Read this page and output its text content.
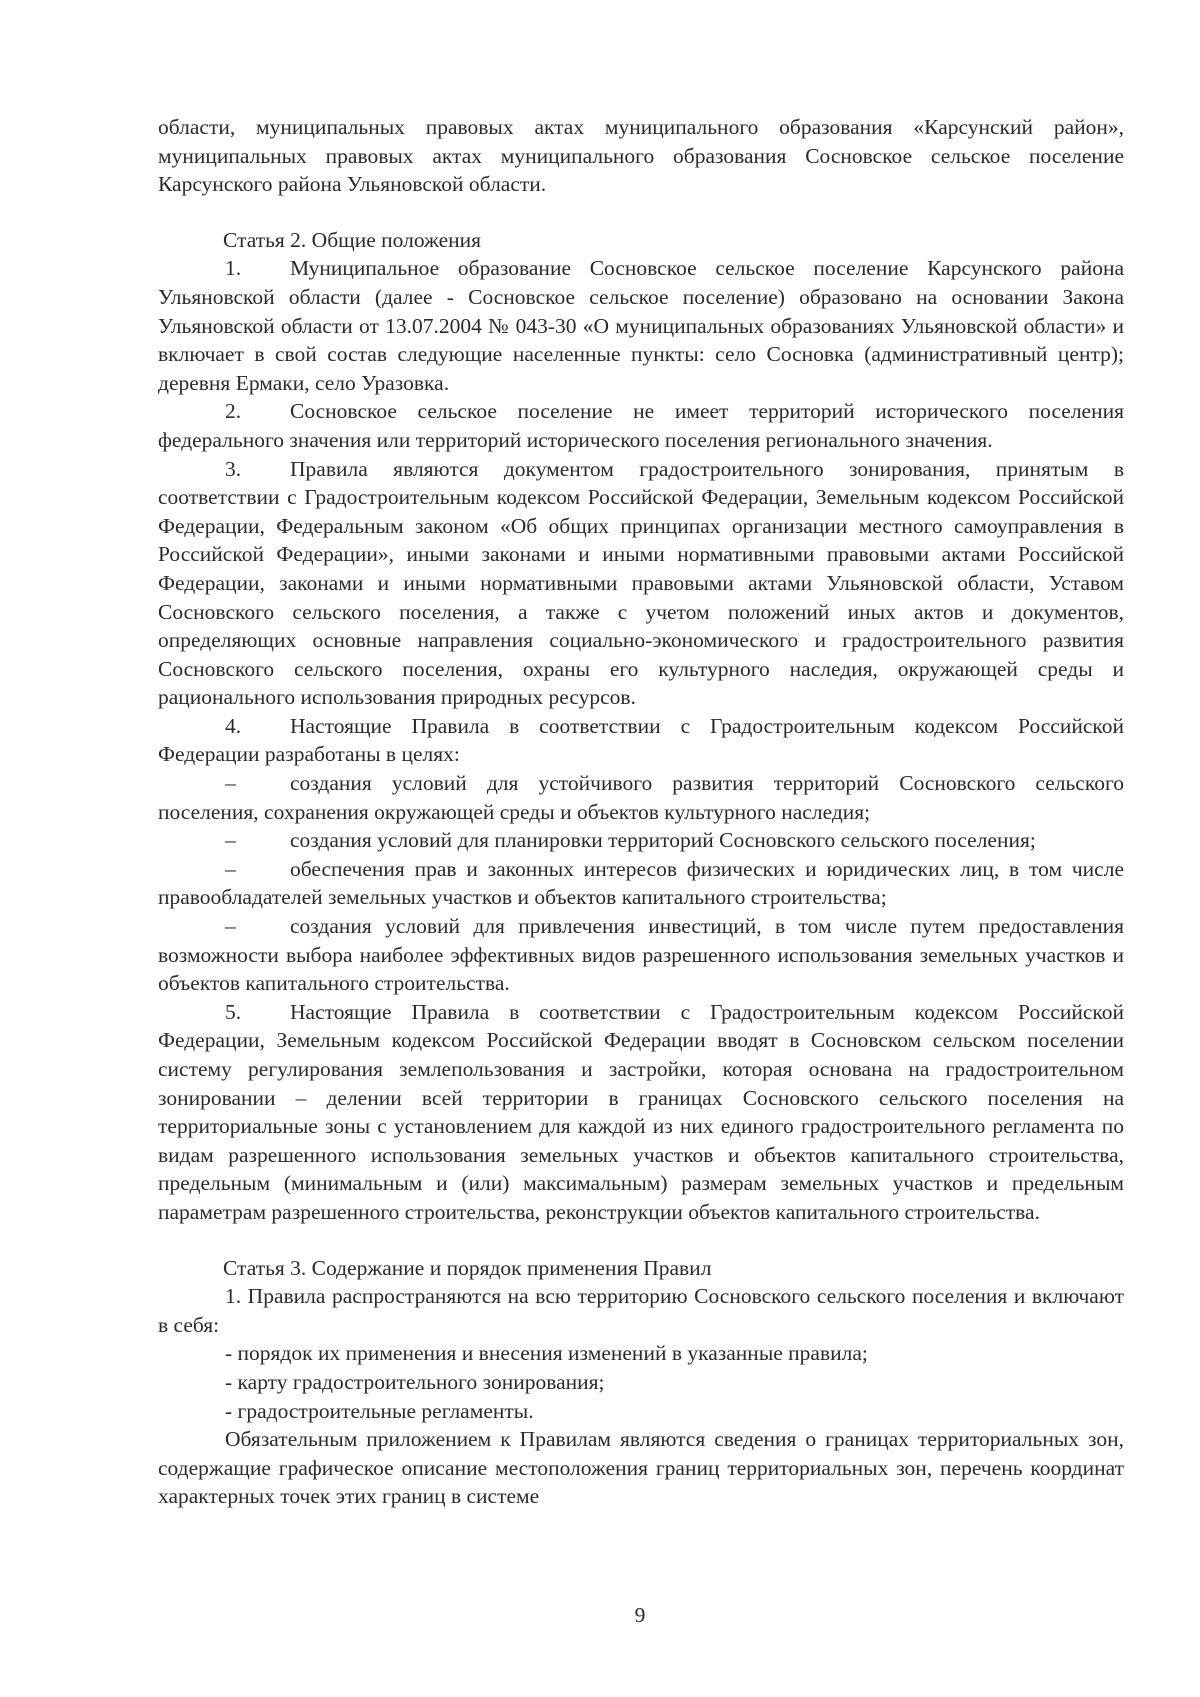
области, муниципальных правовых актах муниципального образования «Карсунский район», муниципальных правовых актах муниципального образования Сосновское сельское поселение Карсунского района Ульяновской области.

Статья 2. Общие положения

1. Муниципальное образование Сосновское сельское поселение Карсунского района Ульяновской области (далее - Сосновское сельское поселение) образовано на основании Закона Ульяновской области от 13.07.2004 № 043-30 «О муниципальных образованиях Ульяновской области» и включает в свой состав следующие населенные пункты: село Сосновка (административный центр); деревня Ермаки, село Уразовка.

2. Сосновское сельское поселение не имеет территорий исторического поселения федерального значения или территорий исторического поселения регионального значения.

3. Правила являются документом градостроительного зонирования, принятым в соответствии с Градостроительным кодексом Российской Федерации, Земельным кодексом Российской Федерации, Федеральным законом «Об общих принципах организации местного самоуправления в Российской Федерации», иными законами и иными нормативными правовыми актами Российской Федерации, законами и иными нормативными правовыми актами Ульяновской области, Уставом Сосновского сельского поселения, а также с учетом положений иных актов и документов, определяющих основные направления социально-экономического и градостроительного развития Сосновского сельского поселения, охраны его культурного наследия, окружающей среды и рационального использования природных ресурсов.

4. Настоящие Правила в соответствии с Градостроительным кодексом Российской Федерации разработаны в целях:

–	создания условий для устойчивого развития территорий Сосновского сельского поселения, сохранения окружающей среды и объектов культурного наследия;

–	создания условий для планировки территорий Сосновского сельского поселения;

–	обеспечения прав и законных интересов физических и юридических лиц, в том числе правообладателей земельных участков и объектов капитального строительства;

–	создания условий для привлечения инвестиций, в том числе путем предоставления возможности выбора наиболее эффективных видов разрешенного использования земельных участков и объектов капитального строительства.

5. Настоящие Правила в соответствии с Градостроительным кодексом Российской Федерации, Земельным кодексом Российской Федерации вводят в Сосновском сельском поселении систему регулирования землепользования и застройки, которая основана на градостроительном зонировании – делении всей территории в границах Сосновского сельского поселения на территориальные зоны с установлением для каждой из них единого градостроительного регламента по видам разрешенного использования земельных участков и объектов капитального строительства, предельным (минимальным и (или) максимальным) размерам земельных участков и предельным параметрам разрешенного строительства, реконструкции объектов капитального строительства.

Статья 3. Содержание и порядок применения Правил

1. Правила распространяются на всю территорию Сосновского сельского поселения и включают в себя:

- порядок их применения и внесения изменений в указанные правила;

- карту градостроительного зонирования;

- градостроительные регламенты.

Обязательным приложением к Правилам являются сведения о границах территориальных зон, содержащие графическое описание местоположения границ территориальных зон, перечень координат характерных точек этих границ в системе

9
